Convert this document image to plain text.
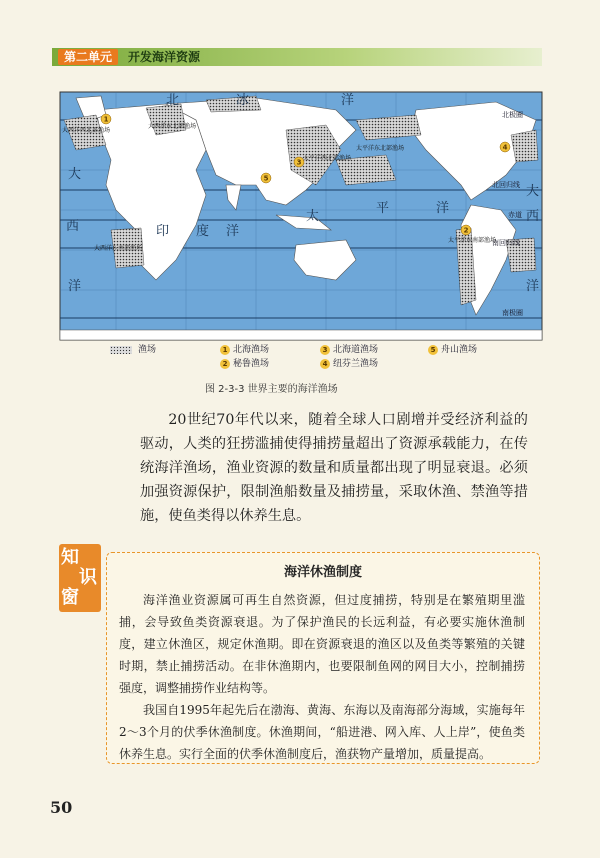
第二单元	开发海洋资源
1
2
3
4
5
北	冰	洋
大
西
洋
印 度 洋
太
平	洋
大
西
洋
北极圈
北回归线
赤道
南回归线
南极圈
大西洋西北部渔场
大西洋东北部渔场
太平洋西北部渔场
太平洋东北部渔场
太平洋东南部渔场
大西洋东南部渔场
渔场	1 北海渔场
2 秘鲁渔场
3 北海道渔场
4 纽芬兰渔场
5 舟山渔场
图 2-3-3 世界主要的海洋渔场
20世纪70年代以来，随着全球人口剧增并受经济利益的驱动，人类的狂捞滥捕使得捕捞量超出了资源承载能力，在传统海洋渔场，渔业资源的数量和质量都出现了明显衰退。必须加强资源保护，限制渔船数量及捕捞量，采取休渔、禁渔等措施，使鱼类得以休养生息。
知
识
窗
海洋休渔制度

海洋渔业资源属可再生自然资源，但过度捕捞，特别是在繁殖期里滥捕，会导致鱼类资源衰退。为了保护渔民的长远利益，有必要实施休渔制度，建立休渔区，规定休渔期。即在资源衰退的渔区以及鱼类等繁殖的关键时期，禁止捕捞活动。在非休渔期内，也要限制鱼网的网目大小，控制捕捞强度，调整捕捞作业结构等。

我国自1995年起先后在渤海、黄海、东海以及南海部分海域，实施每年2～3个月的伏季休渔制度。休渔期间，“船进港、网入库、人上岸”，使鱼类休养生息。实行全面的伏季休渔制度后，渔获物产量增加，质量提高。

50
